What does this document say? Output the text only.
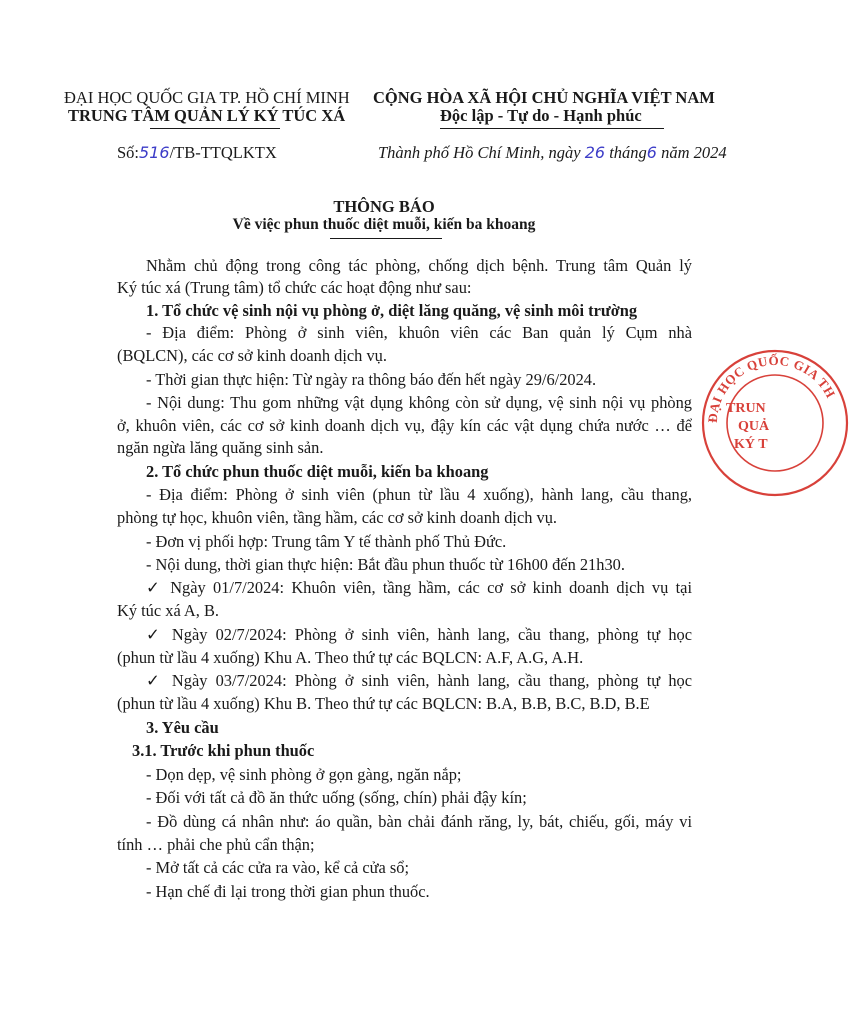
ĐẠI HỌC QUỐC GIA TP. HỒ CHÍ MINH
TRUNG TÂM QUẢN LÝ KÝ TÚC XÁ
CỘNG HÒA XÃ HỘI CHỦ NGHĨA VIỆT NAM
Độc lập - Tự do - Hạnh phúc
Số:516/TB-TTQLKTX	Thành phố Hồ Chí Minh, ngày 26 tháng6 năm 2024
THÔNG BÁO
Về việc phun thuốc diệt muỗi, kiến ba khoang
Nhằm chủ động trong công tác phòng, chống dịch bệnh. Trung tâm Quản lý
Ký túc xá (Trung tâm) tổ chức các hoạt động như sau:
1. Tổ chức vệ sinh nội vụ phòng ở, diệt lăng quăng, vệ sinh môi trường
- Địa điểm: Phòng ở sinh viên, khuôn viên các Ban quản lý Cụm nhà
(BQLCN), các cơ sở kinh doanh dịch vụ.
- Thời gian thực hiện: Từ ngày ra thông báo đến hết ngày 29/6/2024.
- Nội dung: Thu gom những vật dụng không còn sử dụng, vệ sinh nội vụ phòng
ở, khuôn viên, các cơ sở kinh doanh dịch vụ, đậy kín các vật dụng chứa nước … để
ngăn ngừa lăng quăng sinh sản.
2. Tổ chức phun thuốc diệt muỗi, kiến ba khoang
- Địa điểm: Phòng ở sinh viên (phun từ lầu 4 xuống), hành lang, cầu thang,
phòng tự học, khuôn viên, tầng hầm, các cơ sở kinh doanh dịch vụ.
- Đơn vị phối hợp: Trung tâm Y tế thành phố Thủ Đức.
- Nội dung, thời gian thực hiện: Bắt đầu phun thuốc từ 16h00 đến 21h30.
✓ Ngày 01/7/2024: Khuôn viên, tầng hầm, các cơ sở kinh doanh dịch vụ tại
Ký túc xá A, B.
✓ Ngày 02/7/2024: Phòng ở sinh viên, hành lang, cầu thang, phòng tự học
(phun từ lầu 4 xuống) Khu A. Theo thứ tự các BQLCN: A.F, A.G, A.H.
✓ Ngày 03/7/2024: Phòng ở sinh viên, hành lang, cầu thang, phòng tự học
(phun từ lầu 4 xuống) Khu B. Theo thứ tự các BQLCN: B.A, B.B, B.C, B.D, B.E
3. Yêu cầu
3.1. Trước khi phun thuốc
- Dọn dẹp, vệ sinh phòng ở gọn gàng, ngăn nắp;
- Đối với tất cả đồ ăn thức uống (sống, chín) phải đậy kín;
- Đồ dùng cá nhân như: áo quần, bàn chải đánh răng, ly, bát, chiếu, gối, máy vi
tính … phải che phủ cẩn thận;
- Mở tất cả các cửa ra vào, kể cả cửa sổ;
- Hạn chế đi lại trong thời gian phun thuốc.
ĐẠI HỌC QUỐC GIA TH
TRUN
QUẢ
KÝ T
